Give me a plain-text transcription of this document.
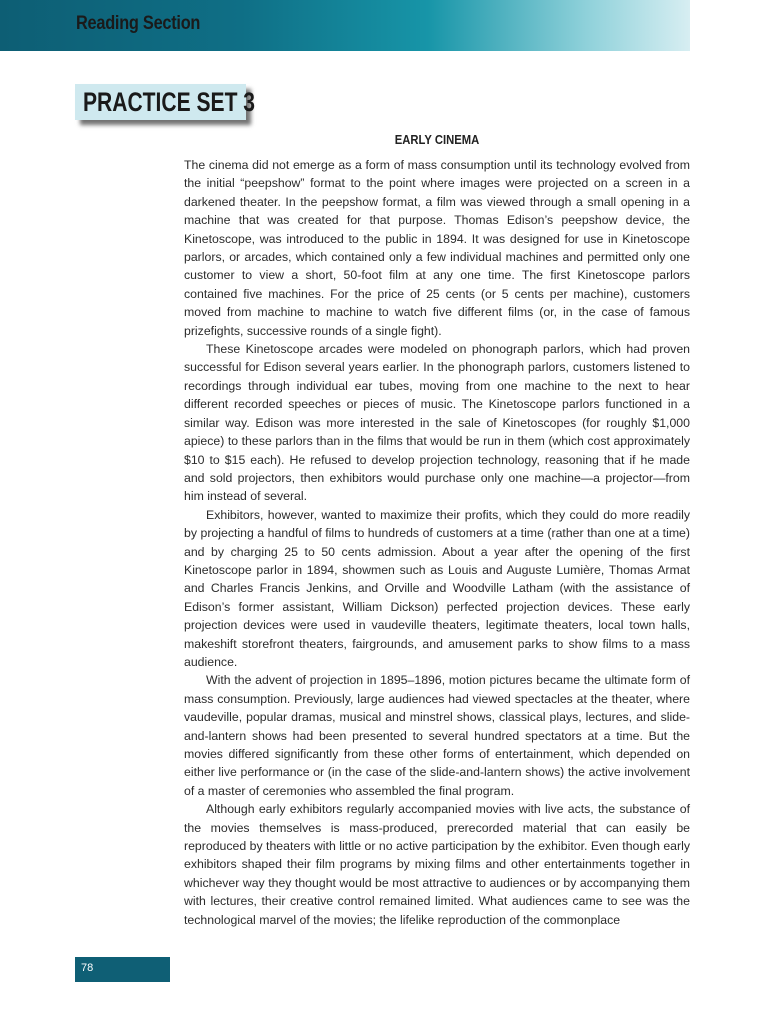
Reading Section
PRACTICE SET 3
EARLY CINEMA

The cinema did not emerge as a form of mass consumption until its technology evolved from the initial “peepshow” format to the point where images were projected on a screen in a darkened theater. In the peepshow format, a film was viewed through a small opening in a machine that was created for that purpose. Thomas Edison’s peepshow device, the Kinetoscope, was introduced to the public in 1894. It was designed for use in Kinetoscope parlors, or arcades, which contained only a few individual machines and permitted only one customer to view a short, 50-foot film at any one time. The first Kinetoscope parlors contained five machines. For the price of 25 cents (or 5 cents per machine), customers moved from machine to machine to watch five different films (or, in the case of famous prizefights, successive rounds of a single fight).

These Kinetoscope arcades were modeled on phonograph parlors, which had proven successful for Edison several years earlier. In the phonograph parlors, customers listened to recordings through individual ear tubes, moving from one machine to the next to hear different recorded speeches or pieces of music. The Kinetoscope parlors functioned in a similar way. Edison was more interested in the sale of Kinetoscopes (for roughly $1,000 apiece) to these parlors than in the films that would be run in them (which cost approximately $10 to $15 each). He refused to develop projection technology, reasoning that if he made and sold projectors, then exhibitors would purchase only one machine—a projector—from him instead of several.

Exhibitors, however, wanted to maximize their profits, which they could do more readily by projecting a handful of films to hundreds of customers at a time (rather than one at a time) and by charging 25 to 50 cents admission. About a year after the opening of the first Kinetoscope parlor in 1894, showmen such as Louis and Auguste Lumière, Thomas Armat and Charles Francis Jenkins, and Orville and Woodville Latham (with the assistance of Edison’s former assistant, William Dickson) perfected projection devices. These early projection devices were used in vaudeville theaters, legitimate theaters, local town halls, makeshift storefront theaters, fairgrounds, and amusement parks to show films to a mass audience.

With the advent of projection in 1895–1896, motion pictures became the ultimate form of mass consumption. Previously, large audiences had viewed spectacles at the theater, where vaudeville, popular dramas, musical and minstrel shows, classical plays, lectures, and slide-and-lantern shows had been presented to several hundred spectators at a time. But the movies differed significantly from these other forms of entertainment, which depended on either live performance or (in the case of the slide-and-lantern shows) the active involvement of a master of ceremonies who assembled the final program.

Although early exhibitors regularly accompanied movies with live acts, the substance of the movies themselves is mass-produced, prerecorded material that can easily be reproduced by theaters with little or no active participation by the exhibitor. Even though early exhibitors shaped their film programs by mixing films and other entertainments together in whichever way they thought would be most attractive to audiences or by accompanying them with lectures, their creative control remained limited. What audiences came to see was the technological marvel of the movies; the lifelike reproduction of the commonplace

78
